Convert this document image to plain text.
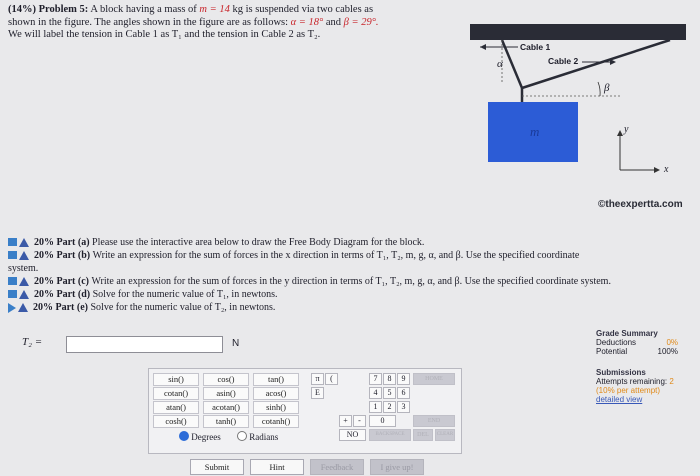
(14%) Problem 5: A block having a mass of m = 14 kg is suspended via two cables as
shown in the figure. The angles shown in the figure are as follows: α = 18° and β = 29°.
We will label the tension in Cable 1 as T₁ and the tension in Cable 2 as T₂.
Cable 1
Cable 2
α
β
m	y
x
©theexpertta.com
20% Part (a)
Please use the interactive area below to draw the Free Body Diagram for the block.
20% Part (b)
Write an expression for the sum of forces in the x direction in terms of T₁, T₂, m, g, α, and β. Use the specified coordinate
system.
20% Part (c)
Write an expression for the sum of forces in the y direction in terms of T₁, T₂, m, g, α, and β. Use the specified coordinate system.
20% Part (d)
Solve for the numeric value of T₁, in newtons.
20% Part (e)
Solve for the numeric value of T₂, in newtons.
T₂ =	N
Grade Summary
Deductions	0%
Potential	100%
Submissions
Attempts remaining: 2
(10% per attempt)
detailed view
sin()	cos()	tan()
cotan()	asin()	acos()
atan()	acotan()	sinh()
cosh()	tanh()	cotanh()
Degrees	Radians
π	(
E
7	8	9
4	5	6
1	2	3
0
+	-
NO
HOME
END
BACKSPACE	DEL	CLEAR
Submit	Hint	Feedback	I give up!
